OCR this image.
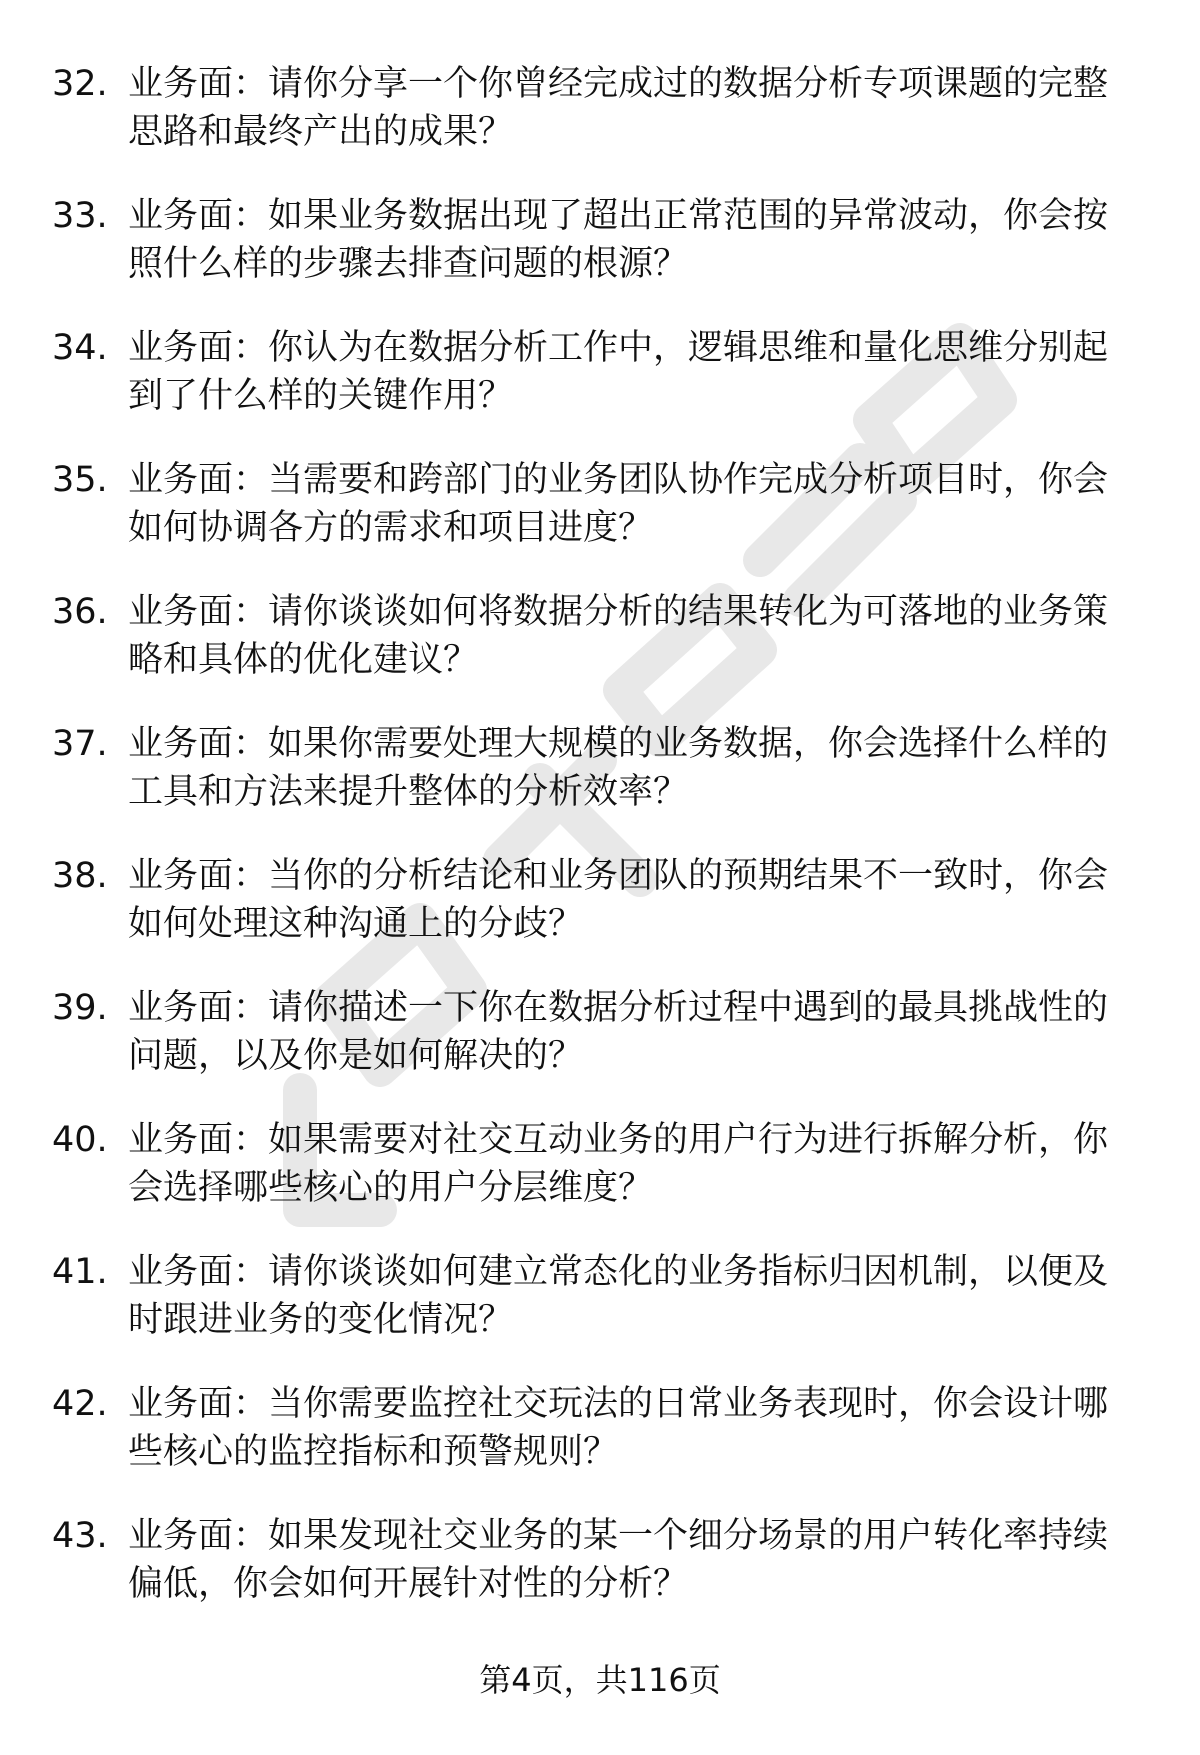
32. 业务面：请你分享一个你曾经完成过的数据分析专项课题的完整思路和最终产出的成果？

33. 业务面：如果业务数据出现了超出正常范围的异常波动，你会按照什么样的步骤去排查问题的根源？

34. 业务面：你认为在数据分析工作中，逻辑思维和量化思维分别起到了什么样的关键作用？

35. 业务面：当需要和跨部门的业务团队协作完成分析项目时，你会如何协调各方的需求和项目进度？

36. 业务面：请你谈谈如何将数据分析的结果转化为可落地的业务策略和具体的优化建议？

37. 业务面：如果你需要处理大规模的业务数据，你会选择什么样的工具和方法来提升整体的分析效率？

38. 业务面：当你的分析结论和业务团队的预期结果不一致时，你会如何处理这种沟通上的分歧？

39. 业务面：请你描述一下你在数据分析过程中遇到的最具挑战性的问题，以及你是如何解决的？

40. 业务面：如果需要对社交互动业务的用户行为进行拆解分析，你会选择哪些核心的用户分层维度？

41. 业务面：请你谈谈如何建立常态化的业务指标归因机制，以便及时跟进业务的变化情况？

42. 业务面：当你需要监控社交玩法的日常业务表现时，你会设计哪些核心的监控指标和预警规则？

43. 业务面：如果发现社交业务的某一个细分场景的用户转化率持续偏低，你会如何开展针对性的分析？

第4页，共116页
